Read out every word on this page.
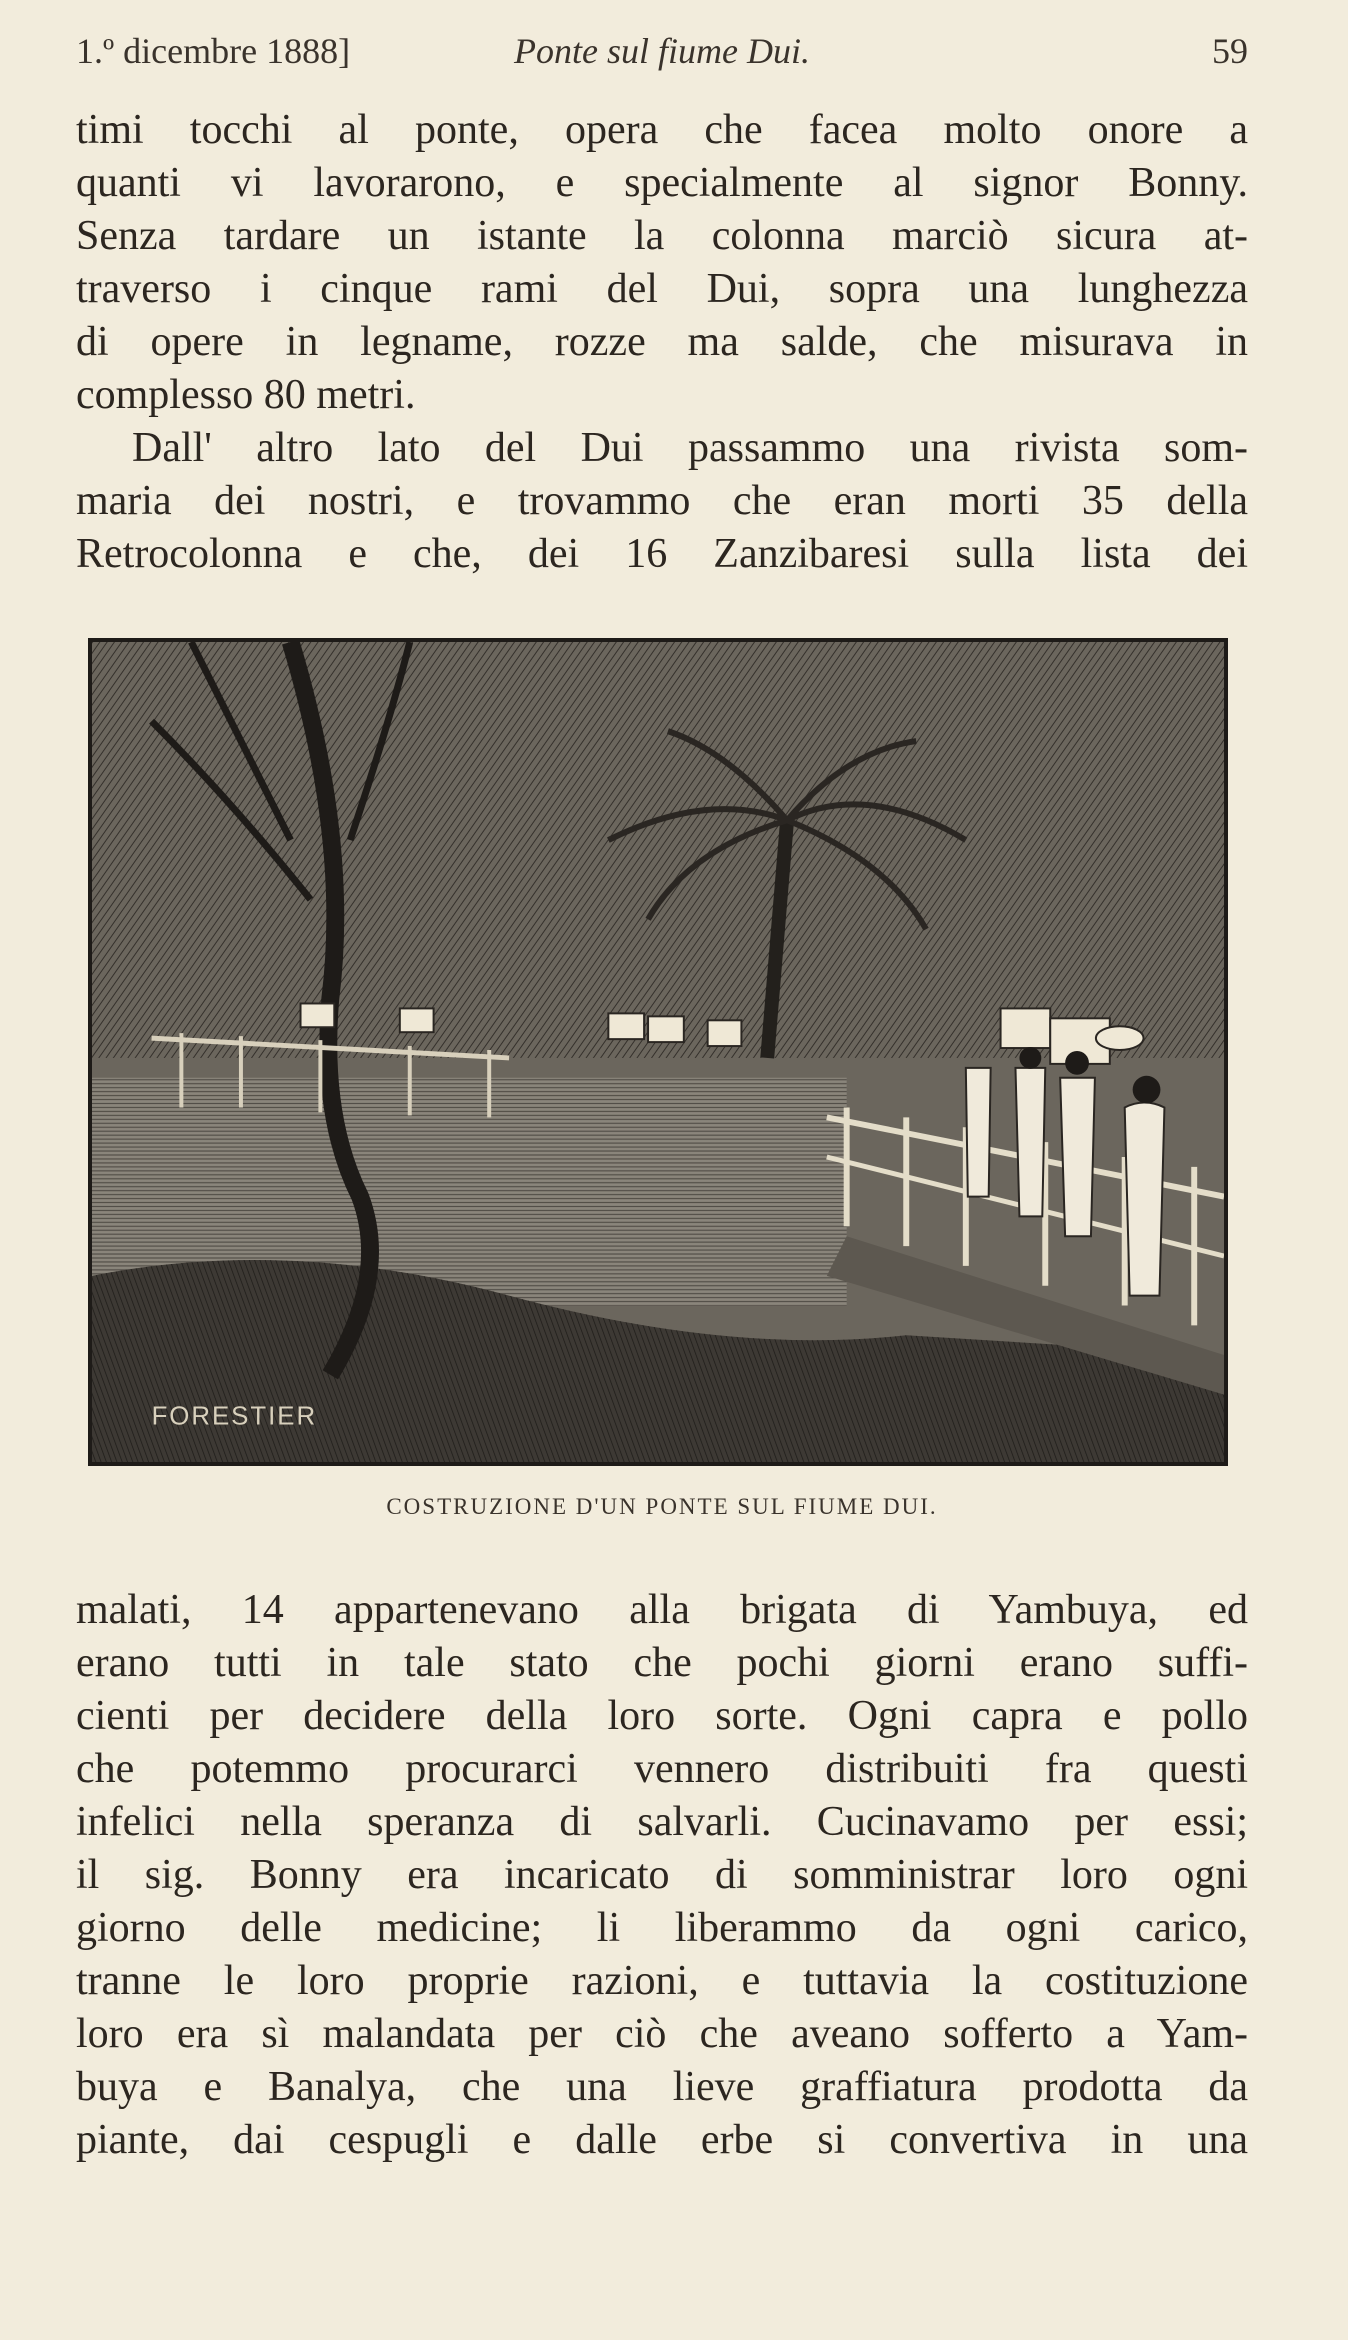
1.º dicembre 1888]	Ponte sul fiume Dui.	59
timi tocchi al ponte, opera che facea molto onore a
quanti vi lavorarono, e specialmente al signor Bonny.
Senza tardare un istante la colonna marciò sicura at-
traverso i cinque rami del Dui, sopra una lunghezza
di opere in legname, rozze ma salde, che misurava in
complesso 80 metri.
Dall' altro lato del Dui passammo una rivista som-
maria dei nostri, e trovammo che eran morti 35 della
Retrocolonna e che, dei 16 Zanzibaresi sulla lista dei
FORESTIER
COSTRUZIONE D'UN PONTE SUL FIUME DUI.
malati, 14 appartenevano alla brigata di Yambuya, ed
erano tutti in tale stato che pochi giorni erano suffi-
cienti per decidere della loro sorte. Ogni capra e pollo
che potemmo procurarci vennero distribuiti fra questi
infelici nella speranza di salvarli. Cucinavamo per essi;
il sig. Bonny era incaricato di somministrar loro ogni
giorno delle medicine; li liberammo da ogni carico,
tranne le loro proprie razioni, e tuttavia la costituzione
loro era sì malandata per ciò che aveano sofferto a Yam-
buya e Banalya, che una lieve graffiatura prodotta da
piante, dai cespugli e dalle erbe si convertiva in una
